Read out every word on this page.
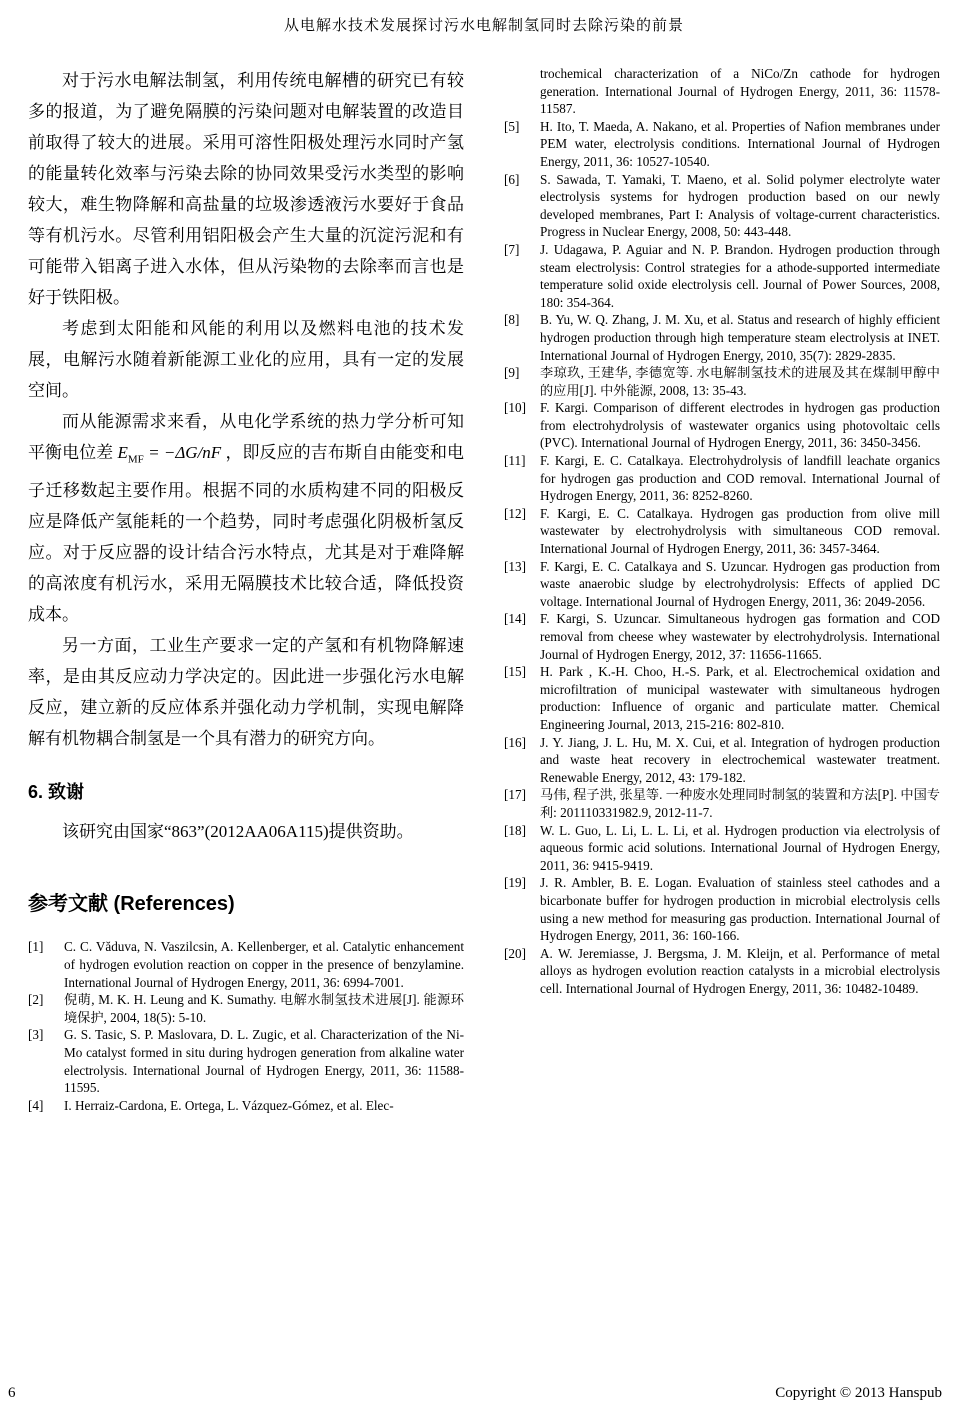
从电解水技术发展探讨污水电解制氢同时去除污染的前景

对于污水电解法制氢，利用传统电解槽的研究已有较多的报道，为了避免隔膜的污染问题对电解装置的改造目前取得了较大的进展。采用可溶性阳极处理污水同时产氢的能量转化效率与污染去除的协同效果受污水类型的影响较大，难生物降解和高盐量的垃圾渗透液污水要好于食品等有机污水。尽管利用铝阳极会产生大量的沉淀污泥和有可能带入铝离子进入水体，但从污染物的去除率而言也是好于铁阳极。

考虑到太阳能和风能的利用以及燃料电池的技术发展，电解污水随着新能源工业化的应用，具有一定的发展空间。

而从能源需求来看，从电化学系统的热力学分析可知平衡电位差 $E_{MF} = -\Delta G/nF$ ，即反应的吉布斯自由能变和电子迁移数起主要作用。根据不同的水质构建不同的阳极反应是降低产氢能耗的一个趋势，同时考虑强化阴极析氢反应。对于反应器的设计结合污水特点，尤其是对于难降解的高浓度有机污水，采用无隔膜技术比较合适，降低投资成本。

另一方面，工业生产要求一定的产氢和有机物降解速率，是由其反应动力学决定的。因此进一步强化污水电解反应，建立新的反应体系并强化动力学机制，实现电解降解有机物耦合制氢是一个具有潜力的研究方向。

6. 致谢

该研究由国家“863”(2012AA06A115)提供资助。

参考文献 (References)
[1]	C. C. Văduva, N. Vaszilcsin, A. Kellenberger, et al. Catalytic enhancement of hydrogen evolution reaction on copper in the presence of benzylamine. International Journal of Hydrogen Energy, 2011, 36: 6994-7001.
[2]	倪萌, M. K. H. Leung and K. Sumathy. 电解水制氢技术进展[J]. 能源环境保护, 2004, 18(5): 5-10.
[3]	G. S. Tasic, S. P. Maslovara, D. L. Zugic, et al. Characterization of the Ni-Mo catalyst formed in situ during hydrogen generation from alkaline water electrolysis. International Journal of Hydrogen Energy, 2011, 36: 11588-11595.
[4]	I. Herraiz-Cardona, E. Ortega, L. Vázquez-Gómez, et al. Elec-
trochemical characterization of a NiCo/Zn cathode for hydrogen generation. International Journal of Hydrogen Energy, 2011, 36: 11578-11587.
[5]	H. Ito, T. Maeda, A. Nakano, et al. Properties of Nafion membranes under PEM water, electrolysis conditions. International Journal of Hydrogen Energy, 2011, 36: 10527-10540.
[6]	S. Sawada, T. Yamaki, T. Maeno, et al. Solid polymer electrolyte water electrolysis systems for hydrogen production based on our newly developed membranes, Part I: Analysis of voltage-current characteristics. Progress in Nuclear Energy, 2008, 50: 443-448.
[7]	J. Udagawa, P. Aguiar and N. P. Brandon. Hydrogen production through steam electrolysis: Control strategies for a athode-supported intermediate temperature solid oxide electrolysis cell. Journal of Power Sources, 2008, 180: 354-364.
[8]	B. Yu, W. Q. Zhang, J. M. Xu, et al. Status and research of highly efficient hydrogen production through high temperature steam electrolysis at INET. International Journal of Hydrogen Energy, 2010, 35(7): 2829-2835.
[9]	李琼玖, 王建华, 李德宽等. 水电解制氢技术的进展及其在煤制甲醇中的应用[J]. 中外能源, 2008, 13: 35-43.
[10]	F. Kargi. Comparison of different electrodes in hydrogen gas production from electrohydrolysis of wastewater organics using photovoltaic cells (PVC). International Journal of Hydrogen Energy, 2011, 36: 3450-3456.
[11]	F. Kargi, E. C. Catalkaya. Electrohydrolysis of landfill leachate organics for hydrogen gas production and COD removal. International Journal of Hydrogen Energy, 2011, 36: 8252-8260.
[12]	F. Kargi, E. C. Catalkaya. Hydrogen gas production from olive mill wastewater by electrohydrolysis with simultaneous COD removal. International Journal of Hydrogen Energy, 2011, 36: 3457-3464.
[13]	F. Kargi, E. C. Catalkaya and S. Uzuncar. Hydrogen gas production from waste anaerobic sludge by electrohydrolysis: Effects of applied DC voltage. International Journal of Hydrogen Energy, 2011, 36: 2049-2056.
[14]	F. Kargi, S. Uzuncar. Simultaneous hydrogen gas formation and COD removal from cheese whey wastewater by electrohydrolysis. International Journal of Hydrogen Energy, 2012, 37: 11656-11665.
[15]	H. Park , K.-H. Choo, H.-S. Park, et al. Electrochemical oxidation and microfiltration of municipal wastewater with simultaneous hydrogen production: Influence of organic and particulate matter. Chemical Engineering Journal, 2013, 215-216: 802-810.
[16]	J. Y. Jiang, J. L. Hu, M. X. Cui, et al. Integration of hydrogen production and waste heat recovery in electrochemical wastewater treatment. Renewable Energy, 2012, 43: 179-182.
[17]	马伟, 程子洪, 张星等. 一种废水处理同时制氢的装置和方法[P]. 中国专利: 201110331982.9, 2012-11-7.
[18]	W. L. Guo, L. Li, L. L. Li, et al. Hydrogen production via electrolysis of aqueous formic acid solutions. International Journal of Hydrogen Energy, 2011, 36: 9415-9419.
[19]	J. R. Ambler, B. E. Logan. Evaluation of stainless steel cathodes and a bicarbonate buffer for hydrogen production in microbial electrolysis cells using a new method for measuring gas production. International Journal of Hydrogen Energy, 2011, 36: 160-166.
[20]	A. W. Jeremiasse, J. Bergsma, J. M. Kleijn, et al. Performance of metal alloys as hydrogen evolution reaction catalysts in a microbial electrolysis cell. International Journal of Hydrogen Energy, 2011, 36: 10482-10489.
6	Copyright © 2013 Hanspub
